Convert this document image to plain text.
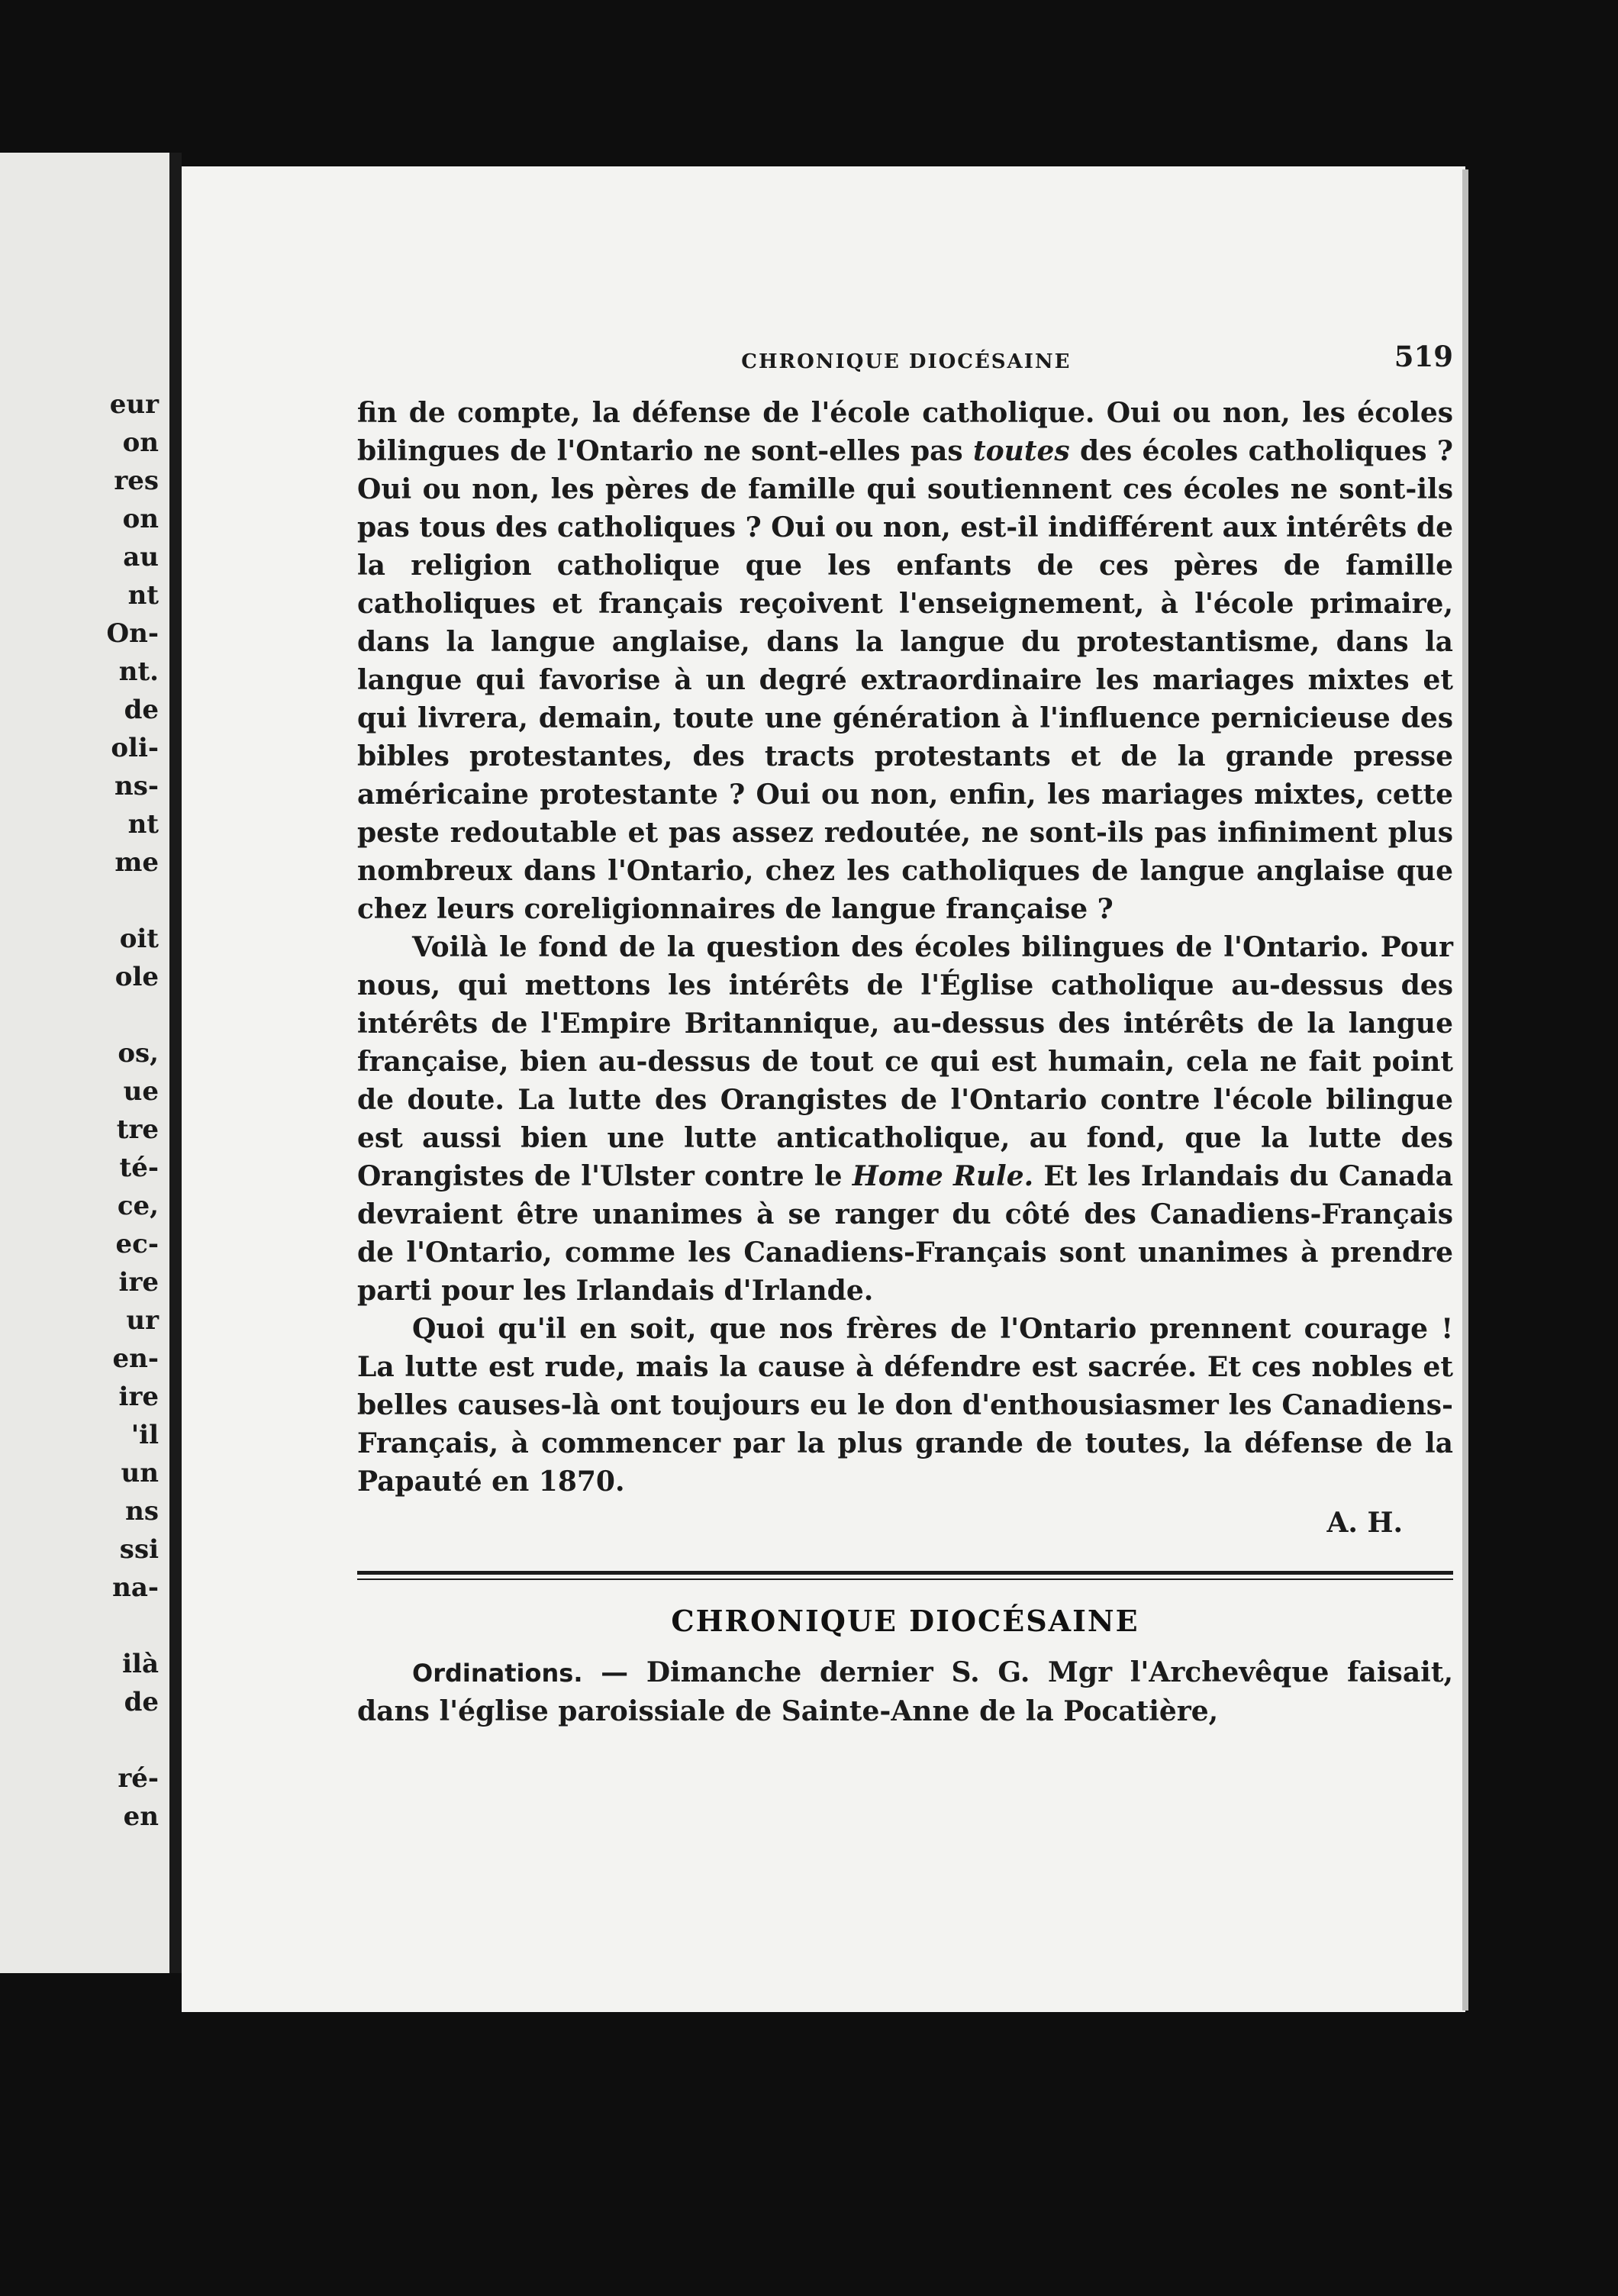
eur
on
res
on
au
nt
On-
nt.
de
oli-
ns-
nt
me
oit
ole
os,
ue
tre
té-
ce,
ec-
ire
ur
en-
ire
'il
un
ns
ssi
na-
ilà
de
ré-
en
CHRONIQUE DIOCÉSAINE	519

fin de compte, la défense de l'école catholique. Oui ou non, les écoles bilingues de l'Ontario ne sont-elles pas toutes des écoles catholiques ? Oui ou non, les pères de famille qui soutiennent ces écoles ne sont-ils pas tous des catholiques ? Oui ou non, est-il indifférent aux intérêts de la religion catholique que les enfants de ces pères de famille catholiques et français reçoivent l'enseignement, à l'école primaire, dans la langue anglaise, dans la langue du protestantisme, dans la langue qui favorise à un degré extraordinaire les mariages mixtes et qui livrera, demain, toute une génération à l'influence pernicieuse des bibles protestantes, des tracts protestants et de la grande presse américaine protestante ? Oui ou non, enfin, les mariages mixtes, cette peste redoutable et pas assez redoutée, ne sont-ils pas infiniment plus nombreux dans l'Ontario, chez les catholiques de langue anglaise que chez leurs coreligionnaires de langue française ?

Voilà le fond de la question des écoles bilingues de l'Ontario. Pour nous, qui mettons les intérêts de l'Église catholique au-dessus des intérêts de l'Empire Britannique, au-dessus des intérêts de la langue française, bien au-dessus de tout ce qui est humain, cela ne fait point de doute. La lutte des Orangistes de l'Ontario contre l'école bilingue est aussi bien une lutte anticatholique, au fond, que la lutte des Orangistes de l'Ulster contre le Home Rule. Et les Irlandais du Canada devraient être unanimes à se ranger du côté des Canadiens-Français de l'Ontario, comme les Canadiens-Français sont unanimes à prendre parti pour les Irlandais d'Irlande.

Quoi qu'il en soit, que nos frères de l'Ontario prennent courage ! La lutte est rude, mais la cause à défendre est sacrée. Et ces nobles et belles causes-là ont toujours eu le don d'enthousiasmer les Canadiens-Français, à commencer par la plus grande de toutes, la défense de la Papauté en 1870.

A. H.
CHRONIQUE DIOCÉSAINE

Ordinations. — Dimanche dernier S. G. Mgr l'Archevêque faisait, dans l'église paroissiale de Sainte-Anne de la Pocatière,
